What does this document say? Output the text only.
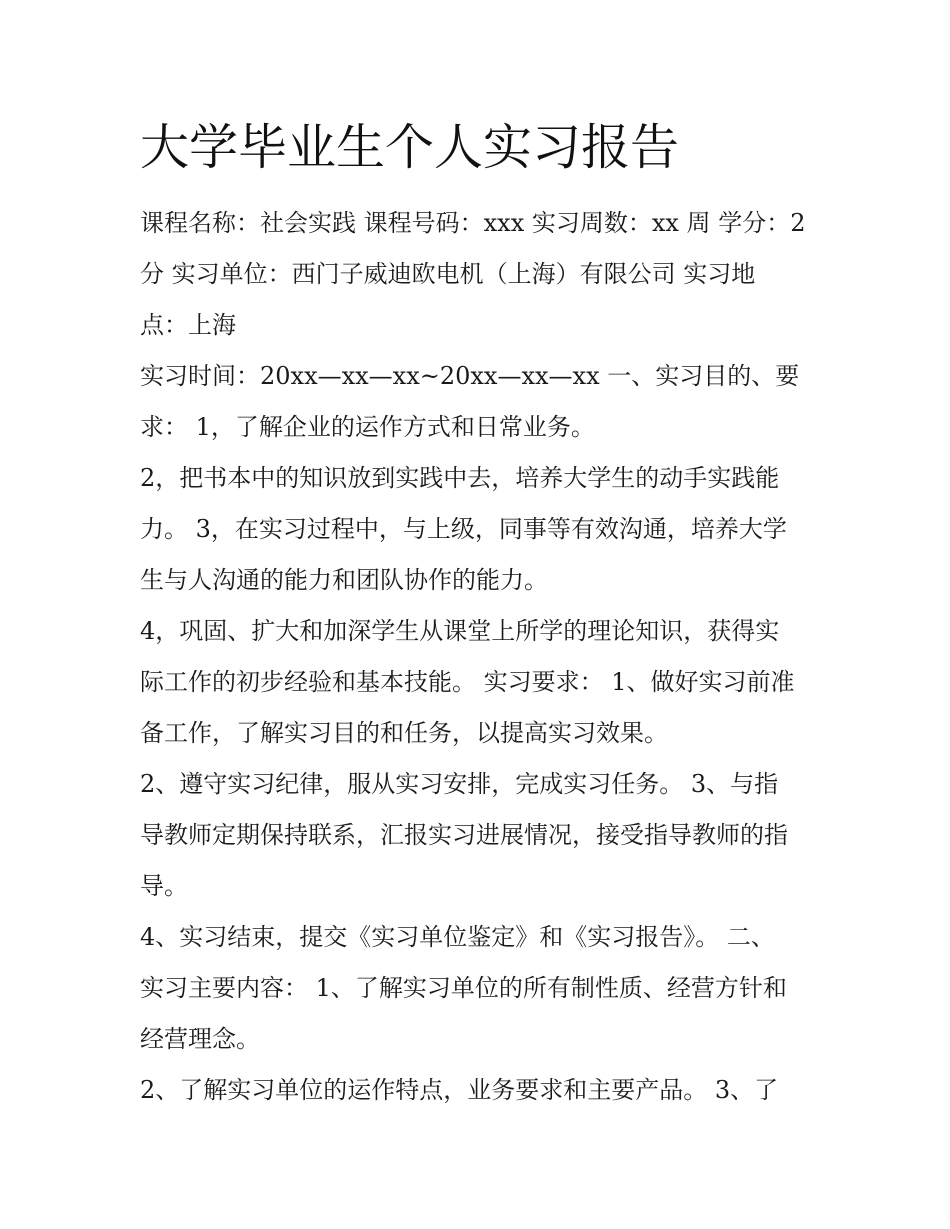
大学毕业生个人实习报告
课程名称：社会实践 课程号码：xxx 实习周数：xx 周 学分：2
分 实习单位：西门子威迪欧电机（上海）有限公司 实习地
点：上海
实习时间：20xx—xx—xx~20xx—xx—xx 一、实习目的、要
求： 1，了解企业的运作方式和日常业务。
2，把书本中的知识放到实践中去，培养大学生的动手实践能
力。 3，在实习过程中，与上级，同事等有效沟通，培养大学
生与人沟通的能力和团队协作的能力。
4，巩固、扩大和加深学生从课堂上所学的理论知识，获得实
际工作的初步经验和基本技能。 实习要求： 1、做好实习前准
备工作，了解实习目的和任务，以提高实习效果。
2、遵守实习纪律，服从实习安排，完成实习任务。 3、与指
导教师定期保持联系，汇报实习进展情况，接受指导教师的指
导。
4、实习结束，提交《实习单位鉴定》和《实习报告》。 二、
实习主要内容： 1、了解实习单位的所有制性质、经营方针和
经营理念。
2、了解实习单位的运作特点，业务要求和主要产品。 3、了
